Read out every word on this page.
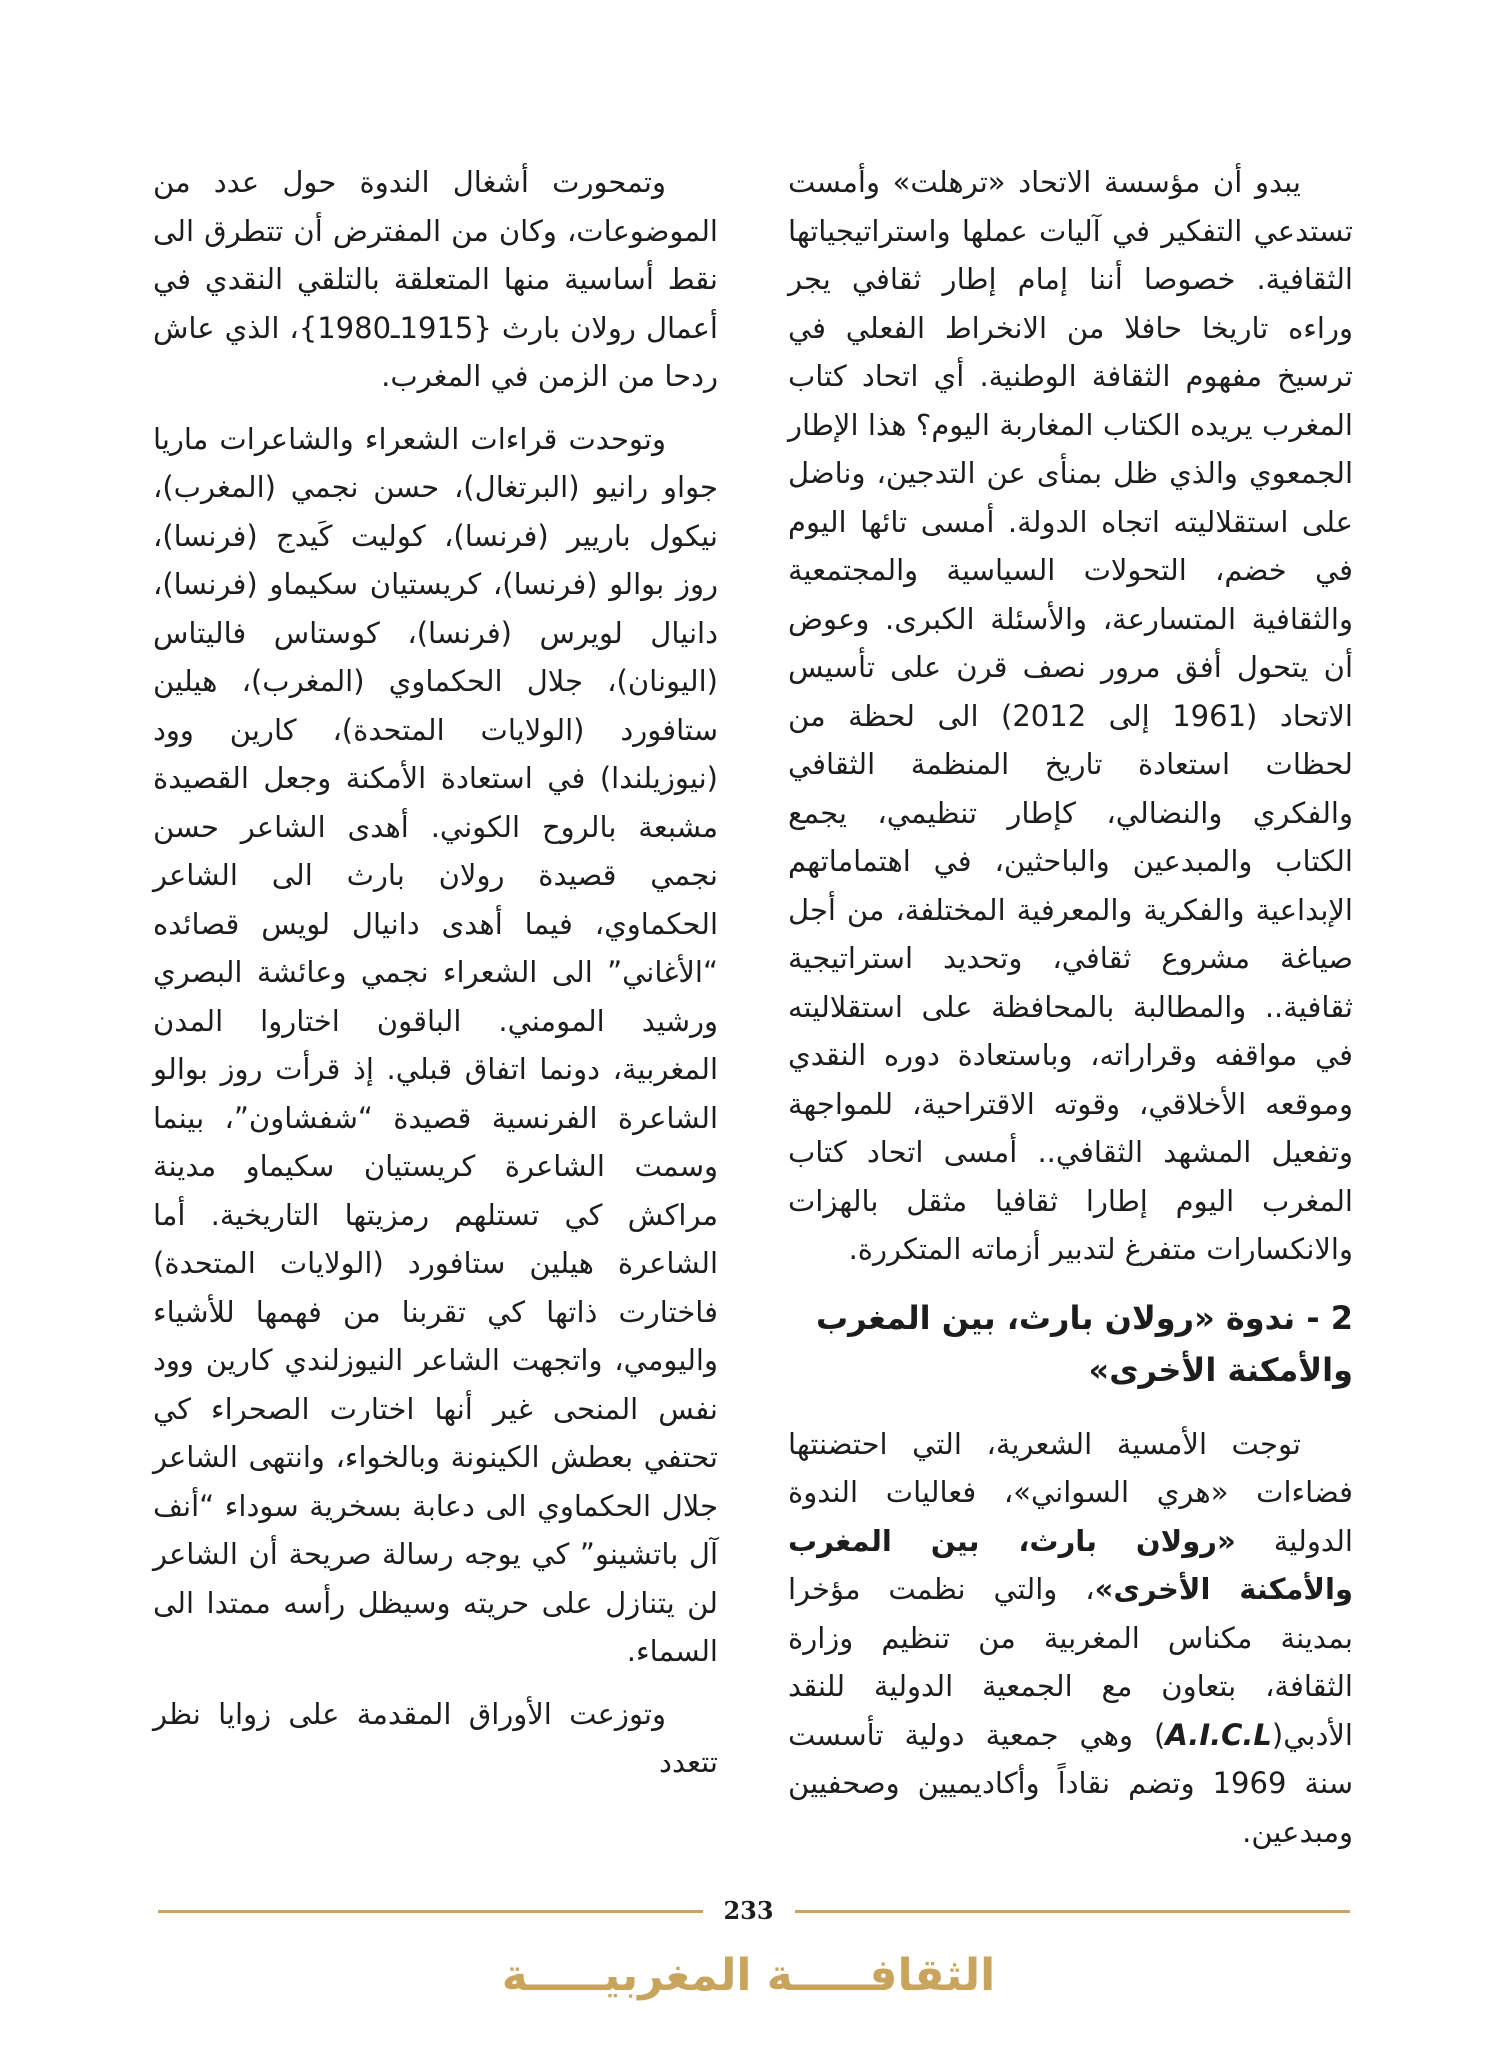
يبدو أن مؤسسة الاتحاد «ترهلت» وأمست تستدعي التفكير في آليات عملها واستراتيجياتها الثقافية. خصوصا أننا إمام إطار ثقافي يجر وراءه تاريخا حافلا من الانخراط الفعلي في ترسيخ مفهوم الثقافة الوطنية. أي اتحاد كتاب المغرب يريده الكتاب المغاربة اليوم؟ هذا الإطار الجمعوي والذي ظل بمنأى عن التدجين، وناضل على استقلاليته اتجاه الدولة. أمسى تائها اليوم في خضم، التحولات السياسية والمجتمعية والثقافية المتسارعة، والأسئلة الكبرى. وعوض أن يتحول أفق مرور نصف قرن على تأسيس الاتحاد (1961 إلى 2012) الى لحظة من لحظات استعادة تاريخ المنظمة الثقافي والفكري والنضالي، كإطار تنظيمي، يجمع الكتاب والمبدعين والباحثين، في اهتماماتهم الإبداعية والفكرية والمعرفية المختلفة، من أجل صياغة مشروع ثقافي، وتحديد استراتيجية ثقافية.. والمطالبة بالمحافظة على استقلاليته في مواقفه وقراراته، وباستعادة دوره النقدي وموقعه الأخلاقي، وقوته الاقتراحية، للمواجهة وتفعيل المشهد الثقافي.. أمسى اتحاد كتاب المغرب اليوم إطارا ثقافيا مثقل بالهزات والانكسارات متفرغ لتدبير أزماته المتكررة.

2 - ندوة «رولان بارث، بين المغرب والأمكنة الأخرى»

توجت الأمسية الشعرية، التي احتضنتها فضاءات «هري السواني»، فعاليات الندوة الدولية «رولان بارث، بين المغرب والأمكنة الأخرى»، والتي نظمت مؤخرا بمدينة مكناس المغربية من تنظيم وزارة الثقافة، بتعاون مع الجمعية الدولية للنقد الأدبي(A.I.C.L) وهي جمعية دولية تأسست سنة 1969 وتضم نقاداً وأكاديميين وصحفيين ومبدعين.

وتمحورت أشغال الندوة حول عدد من الموضوعات، وكان من المفترض أن تتطرق الى نقط أساسية منها المتعلقة بالتلقي النقدي في أعمال رولان بارث {1915ـ1980}، الذي عاش ردحا من الزمن في المغرب.

وتوحدت قراءات الشعراء والشاعرات ماريا جواو رانيو (البرتغال)، حسن نجمي (المغرب)، نيكول باريير (فرنسا)، كوليت كَيدج (فرنسا)، روز بوالو (فرنسا)، كريستيان سكيماو (فرنسا)، دانيال لويرس (فرنسا)، كوستاس فاليتاس (اليونان)، جلال الحكماوي (المغرب)، هيلين ستافورد (الولايات المتحدة)، كارين وود (نيوزيلندا) في استعادة الأمكنة وجعل القصيدة مشبعة بالروح الكوني. أهدى الشاعر حسن نجمي قصيدة رولان بارث الى الشاعر الحكماوي، فيما أهدى دانيال لويس قصائده “الأغاني” الى الشعراء نجمي وعائشة البصري ورشيد المومني. الباقون اختاروا المدن المغربية، دونما اتفاق قبلي. إذ قرأت روز بوالو الشاعرة الفرنسية قصيدة “شفشاون”، بينما وسمت الشاعرة كريستيان سكيماو مدينة مراكش كي تستلهم رمزيتها التاريخية. أما الشاعرة هيلين ستافورد (الولايات المتحدة) فاختارت ذاتها كي تقربنا من فهمها للأشياء واليومي، واتجهت الشاعر النيوزلندي كارين وود نفس المنحى غير أنها اختارت الصحراء كي تحتفي بعطش الكينونة وبالخواء، وانتهى الشاعر جلال الحكماوي الى دعابة بسخرية سوداء “أنف آل باتشينو” كي يوجه رسالة صريحة أن الشاعر لن يتنازل على حريته وسيظل رأسه ممتدا الى السماء.

وتوزعت الأوراق المقدمة على زوايا نظر تتعدد

233
الثقافـــــة المغربيـــــة
